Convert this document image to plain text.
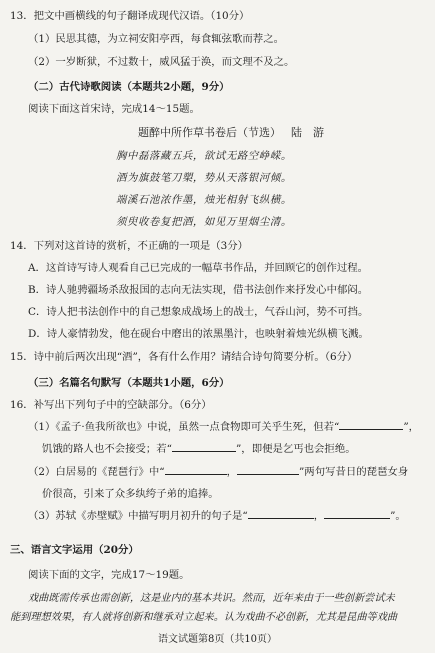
13．把文中画横线的句子翻译成现代汉语。（10分）
（1）民思其德，为立祠安阳亭西，每食辄弦歌而荐之。
（2）一岁断狱，不过数十，威风猛于涣，而文理不及之。
（二）古代诗歌阅读（本题共2小题，9分）
阅读下面这首宋诗，完成14～15题。
题醉中所作草书卷后（节选） 陆　游
胸中磊落藏五兵，欲试无路空峥嵘。
酒为旗鼓笔刀槊，势从天落银河倾。
端溪石池浓作墨，烛光相射飞纵横。
须臾收卷复把酒，如见万里烟尘清。
14．下列对这首诗的赏析，不正确的一项是（3分）
A．这首诗写诗人观看自己已完成的一幅草书作品，并回顾它的创作过程。
B．诗人驰骋疆场杀敌报国的志向无法实现，借书法创作来抒发心中郁闷。
C．诗人把书法创作中的自己想象成战场上的战士，气吞山河，势不可挡。
D．诗人豪情勃发，他在砚台中磨出的浓黑墨汁，也映射着烛光纵横飞溅。
15．诗中前后两次出现“酒”，各有什么作用？请结合诗句简要分析。（6分）
（三）名篇名句默写（本题共1小题，6分）
16．补写出下列句子中的空缺部分。（6分）
（1）《孟子·鱼我所欲也》中说，虽然一点食物即可关乎生死，但若“	”，
饥饿的路人也不会接受；若“	”，即便是乞丐也会拒绝。
（2）白居易的《琵琶行》中“	，	”两句写昔日的琵琶女身
价很高，引来了众多纨绔子弟的追捧。
（3）苏轼《赤壁赋》中描写明月初升的句子是“	，	”。
三、语言文字运用（20分）
阅读下面的文字，完成17～19题。
戏曲既需传承也需创新，这是业内的基本共识。然而，近年来由于一些创新尝试未
能到理想效果，有人就将创新和继承对立起来。认为戏曲不必创新，尤其是昆曲等戏曲
语文试题第8页（共10页）
